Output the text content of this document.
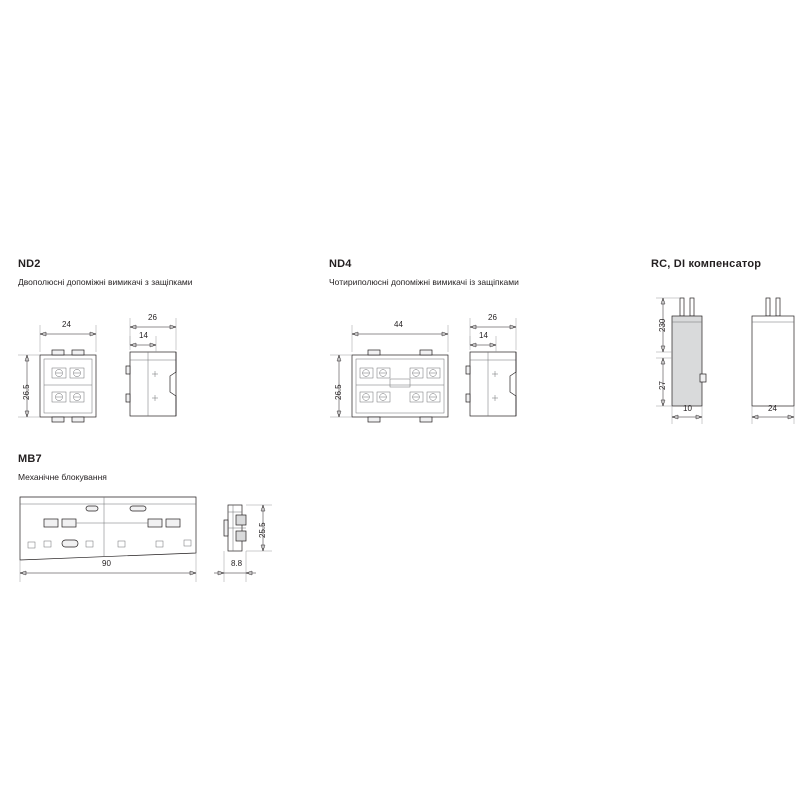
ND2
Двополюсні допоміжні вимикачі з защіпками
24
26.5
26
14
ND4
Чотириполюсні допоміжні вимикачі із защіпками
44
26.5
26
14
RC, DI компенсатор
230
27
10	24
MB7
Механічне блокування
90	8.8
25.5
